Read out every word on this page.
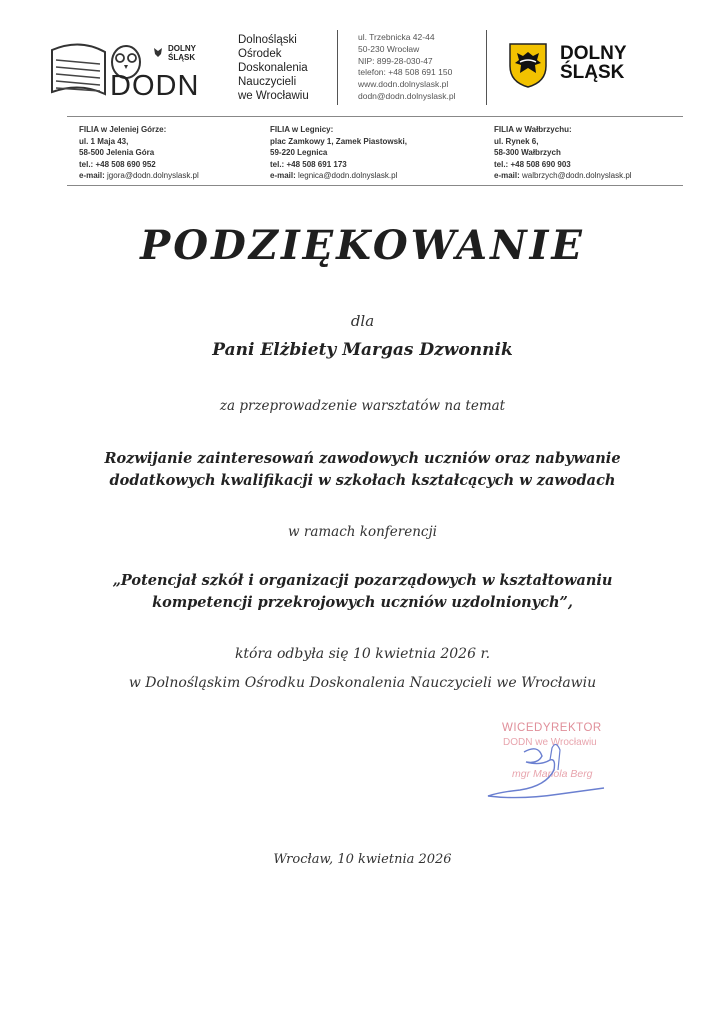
DOLNY ŚLĄSK
DODN
Dolnośląski
Ośrodek
Doskonalenia
Nauczycieli
we Wrocławiu
ul. Trzebnicka 42-44
50-230 Wrocław
NIP: 899-28-030-47
telefon: +48 508 691 150
www.dodn.dolnyslask.pl
dodn@dodn.dolnyslask.pl
DOLNY
ŚLĄSK
FILIA w Jeleniej Górze:
ul. 1 Maja 43,
58-500 Jelenia Góra
tel.: +48 508 690 952
e-mail: jgora@dodn.dolnyslask.pl
FILIA w Legnicy:
plac Zamkowy 1, Zamek Piastowski,
59-220 Legnica
tel.: +48 508 691 173
e-mail: legnica@dodn.dolnyslask.pl
FILIA w Wałbrzychu:
ul. Rynek 6,
58-300 Wałbrzych
tel.: +48 508 690 903
e-mail: walbrzych@dodn.dolnyslask.pl
PODZIĘKOWANIE
dla
Pani Elżbiety Margas Dzwonnik
za przeprowadzenie warsztatów na temat
Rozwijanie zainteresowań zawodowych uczniów oraz nabywanie
dodatkowych kwalifikacji w szkołach kształcących w zawodach
w ramach konferencji
„Potencjał szkół i organizacji pozarządowych w kształtowaniu
kompetencji przekrojowych uczniów uzdolnionych”,
która odbyła się 10 kwietnia 2026 r.
w Dolnośląskim Ośrodku Doskonalenia Nauczycieli we Wrocławiu
WICEDYREKTOR
DODN we Wrocławiu
mgr Mariola Berg
Wrocław, 10 kwietnia 2026
